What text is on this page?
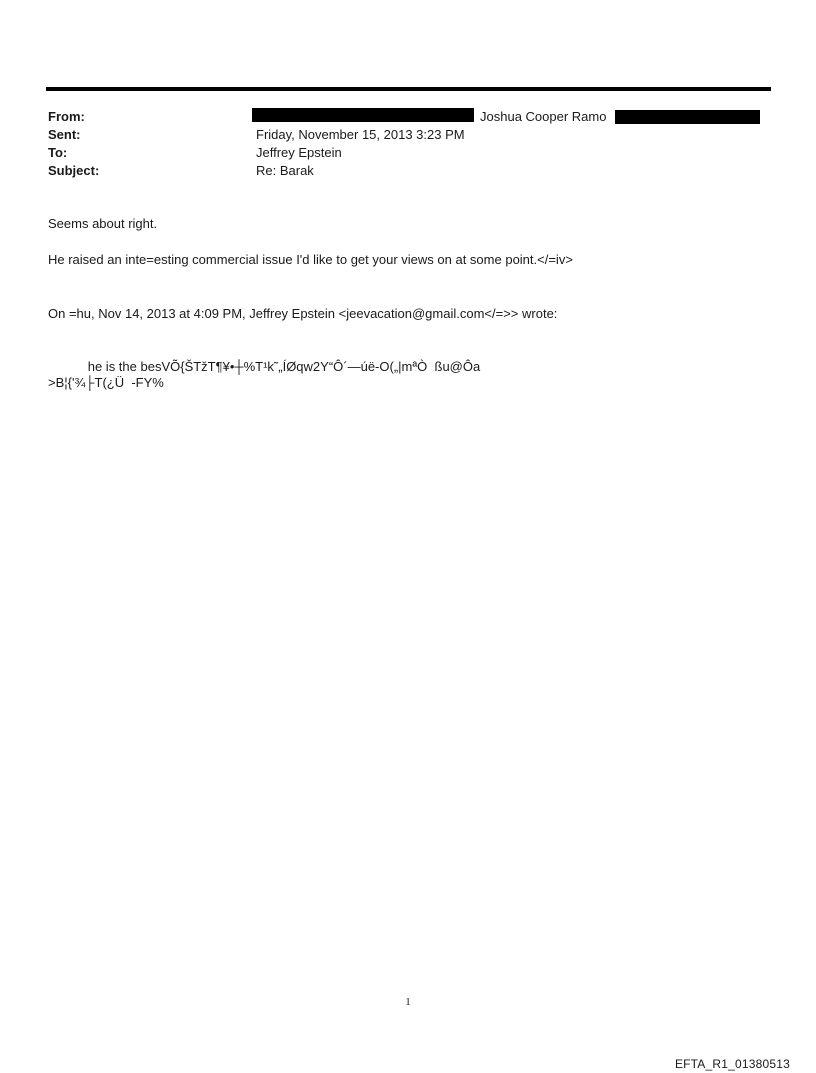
From:	Joshua Cooper Ramo
Sent:	Friday, November 15, 2013 3:23 PM
To:	Jeffrey Epstein
Subject:	Re: Barak
Seems about right.
He raised an inte=esting commercial issue I'd like to get your views on at some point.</=iv>
On =hu, Nov 14, 2013 at 4:09 PM, Jeffrey Epstein <jeevacation@gmail.com</=>> wrote:
he is the besVÕ{ŠTžT¶¥•┼%T¹k˜„ÍØqw2Y“Ô´—úë-O(„|mªÒ  ßu@Ôa
>B¦{'¾├T(¿Ü  -FY%
1
EFTA_R1_01380513
